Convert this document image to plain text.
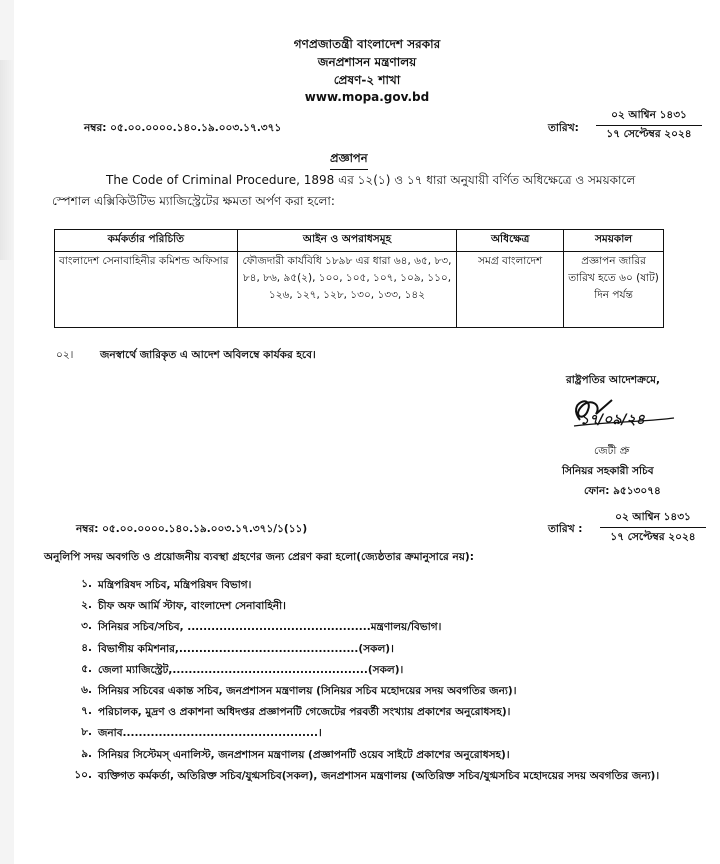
গণপ্রজাতন্ত্রী বাংলাদেশ সরকার
জনপ্রশাসন মন্ত্রণালয়
প্রেষণ-২ শাখা
www.mopa.gov.bd
নম্বর: ০৫.০০.০০০০.১৪০.১৯.০০৩.১৭.৩৭১	তারিখ:
০২ আশ্বিন ১৪৩১
১৭ সেপ্টেম্বর ২০২৪
প্রজ্ঞাপন
The Code of Criminal Procedure, 1898 এর ১২(১) ও ১৭ ধারা অনুযায়ী বর্ণিত অধিক্ষেত্রে ও সময়কালে
স্পেশাল এক্সিকিউটিভ ম্যাজিস্ট্রেটের ক্ষমতা অর্পণ করা হলো:
কর্মকর্তার পরিচিতি	আইন ও অপরাধসমূহ	অধিক্ষেত্র	সময়কাল
বাংলাদেশ সেনাবাহিনীর কমিশন্ড অফিসার	ফৌজদারী কার্যবিধি ১৮৯৮ এর ধারা ৬৪, ৬৫, ৮৩, ৮৪, ৮৬, ৯৫(২), ১০০, ১০৫, ১০৭, ১০৯, ১১০, ১২৬, ১২৭, ১২৮, ১৩০, ১৩৩, ১৪২	সমগ্র বাংলাদেশ	প্রজ্ঞাপন জারির তারিখ হতে ৬০ (ষাট) দিন পর্যন্ত
০২।	জনস্বার্থে জারিকৃত এ আদেশ অবিলম্বে কার্যকর হবে।
রাষ্ট্রপতির আদেশক্রমে,
১৭/০৯/২৪
জেটী প্রু
সিনিয়র সহকারী সচিব
ফোন: ৯৫১৩০৭৪
নম্বর: ০৫.০০.০০০০.১৪০.১৯.০০৩.১৭.৩৭১/১(১১)	তারিখ :
০২ আশ্বিন ১৪৩১
১৭ সেপ্টেম্বর ২০২৪
অনুলিপি সদয় অবগতি ও প্রয়োজনীয় ব্যবস্থা গ্রহণের জন্য প্রেরণ করা হলো(জ্যেষ্ঠতার ক্রমানুসারে নয়):
১. মন্ত্রিপরিষদ সচিব, মন্ত্রিপরিষদ বিভাগ।
২. চীফ অফ আর্মি স্টাফ, বাংলাদেশ সেনাবাহিনী।
৩. সিনিয়র সচিব/সচিব, ..............................................মন্ত্রণালয়/বিভাগ।
৪. বিভাগীয় কমিশনার,.............................................(সকল)।
৫. জেলা ম্যাজিস্ট্রেট,.................................................(সকল)।
৬. সিনিয়র সচিবের একান্ত সচিব, জনপ্রশাসন মন্ত্রণালয় (সিনিয়র সচিব মহোদয়ের সদয় অবগতির জন্য)।
৭. পরিচালক, মুদ্রণ ও প্রকাশনা অধিদপ্তর প্রজ্ঞাপনটি গেজেটের পরবর্তী সংখ্যায় প্রকাশের অনুরোধসহ)।
৮. জনাব.................................................।
৯. সিনিয়র সিস্টেমস্ এনালিস্ট, জনপ্রশাসন মন্ত্রণালয় (প্রজ্ঞাপনটি ওয়েব সাইটে প্রকাশের অনুরোধসহ)।
১০. ব্যক্তিগত কর্মকর্তা, অতিরিক্ত সচিব/যুগ্মসচিব(সকল), জনপ্রশাসন মন্ত্রণালয় (অতিরিক্ত সচিব/যুগ্মসচিব মহোদয়ের সদয় অবগতির জন্য)।
